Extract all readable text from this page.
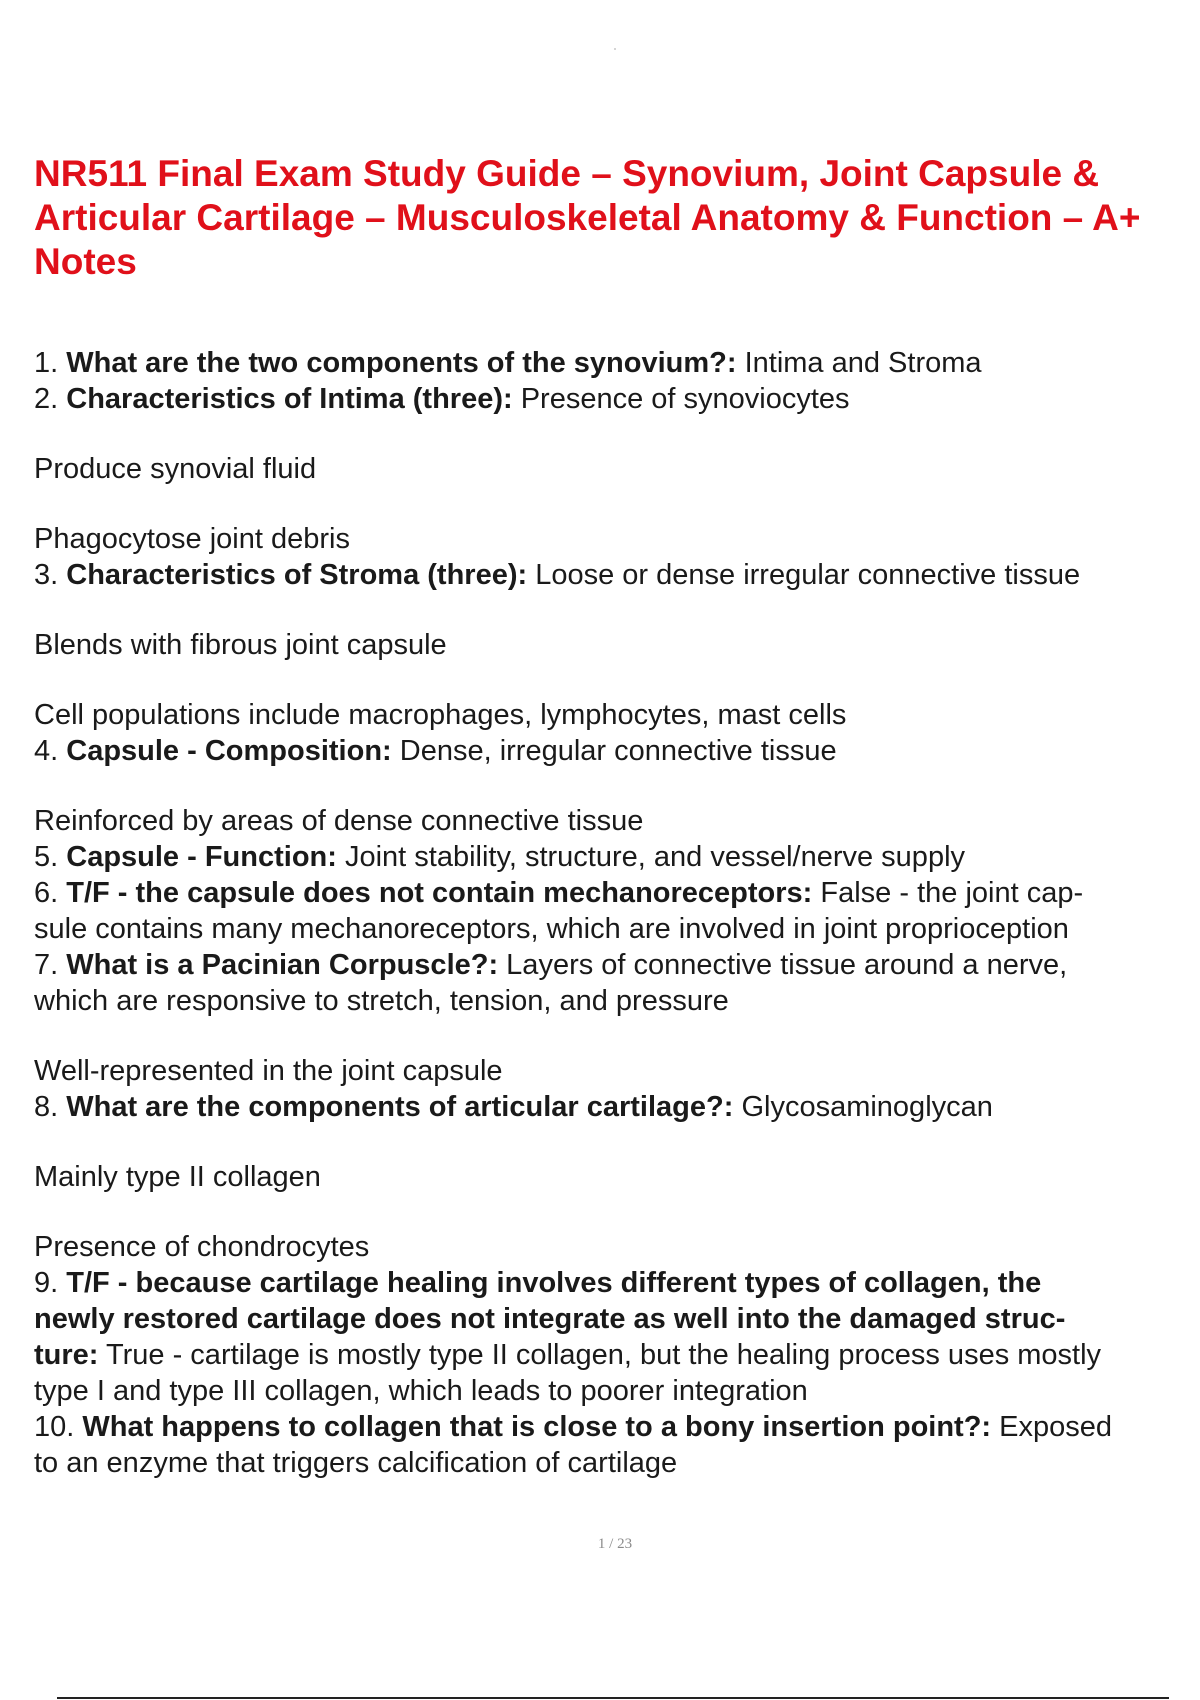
NR511 Final Exam Study Guide – Synovium, Joint Capsule &
Articular Cartilage – Musculoskeletal Anatomy & Function – A+
Notes
1. What are the two components of the synovium?: Intima and Stroma
2. Characteristics of Intima (three): Presence of synoviocytes
Produce synovial fluid
Phagocytose joint debris
3. Characteristics of Stroma (three): Loose or dense irregular connective tissue
Blends with fibrous joint capsule
Cell populations include macrophages, lymphocytes, mast cells
4. Capsule - Composition: Dense, irregular connective tissue
Reinforced by areas of dense connective tissue
5. Capsule - Function: Joint stability, structure, and vessel/nerve supply
6. T/F - the capsule does not contain mechanoreceptors: False - the joint cap-
sule contains many mechanoreceptors, which are involved in joint proprioception
7. What is a Pacinian Corpuscle?: Layers of connective tissue around a nerve,
which are responsive to stretch, tension, and pressure
Well-represented in the joint capsule
8. What are the components of articular cartilage?: Glycosaminoglycan
Mainly type II collagen
Presence of chondrocytes
9. T/F - because cartilage healing involves different types of collagen, the
newly restored cartilage does not integrate as well into the damaged struc-
ture: True - cartilage is mostly type II collagen, but the healing process uses mostly
type I and type III collagen, which leads to poorer integration
10. What happens to collagen that is close to a bony insertion point?: Exposed
to an enzyme that triggers calcification of cartilage
1 / 23
